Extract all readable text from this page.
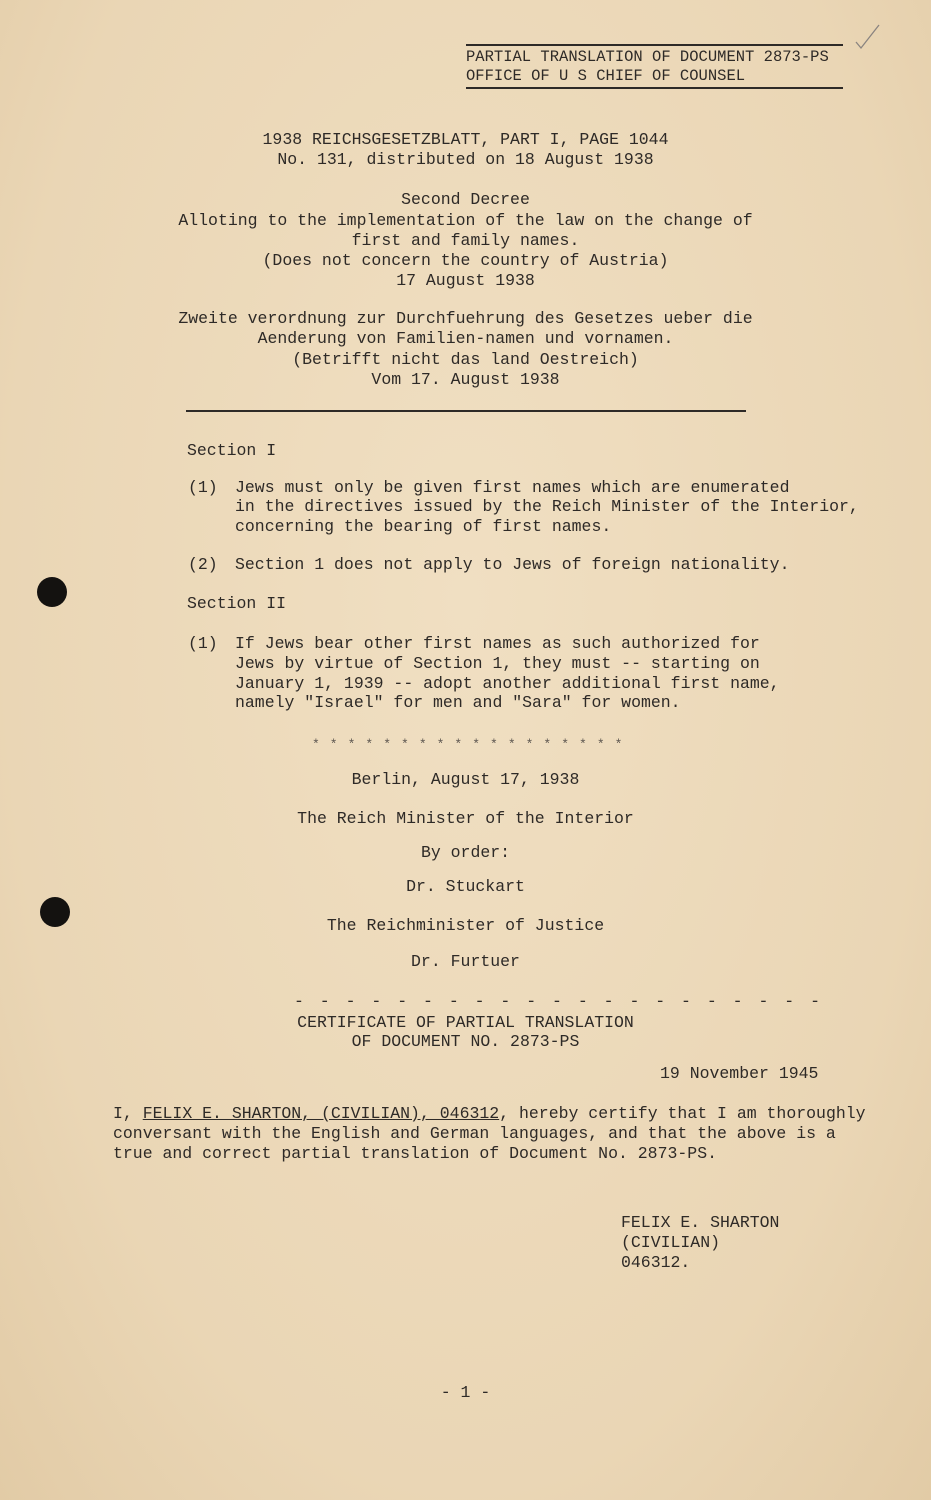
PARTIAL TRANSLATION OF DOCUMENT 2873-PS

OFFICE OF U S CHIEF OF COUNSEL

1938 REICHSGESETZBLATT, PART I, PAGE 1044

No. 131, distributed on 18 August 1938

Second Decree

Alloting to the implementation of the law on the change of

first and family names.

(Does not concern the country of Austria)

17 August 1938

Zweite verordnung zur Durchfuehrung des Gesetzes ueber die

Aenderung von Familien-namen und vornamen.

(Betrifft nicht das land Oestreich)

Vom 17. August 1938

Section I

(1) Jews must only be given first names which are enumerated

in the directives issued by the Reich Minister of the Interior,

concerning the bearing of first names.

(2) Section 1 does not apply to Jews of foreign nationality.

Section II

(1) If Jews bear other first names as such authorized for

Jews by virtue of Section 1, they must -- starting on

January 1, 1939 -- adopt another additional first name,

namely "Israel" for men and "Sara" for women.

* * * * * * * * * * * * * * * * * *

Berlin, August 17, 1938

The Reich Minister of the Interior

By order:

Dr. Stuckart

The Reichminister of Justice

Dr. Furtuer

- - - - - - - - - - - - - - - - - - - - -

CERTIFICATE OF PARTIAL TRANSLATION

OF DOCUMENT NO. 2873-PS

19 November 1945

I, FELIX E. SHARTON, (CIVILIAN), 046312, hereby certify that I am thoroughly

conversant with the English and German languages, and that the above is a

true and correct partial translation of Document No. 2873-PS.

FELIX E. SHARTON

(CIVILIAN)

046312.

- 1 -
